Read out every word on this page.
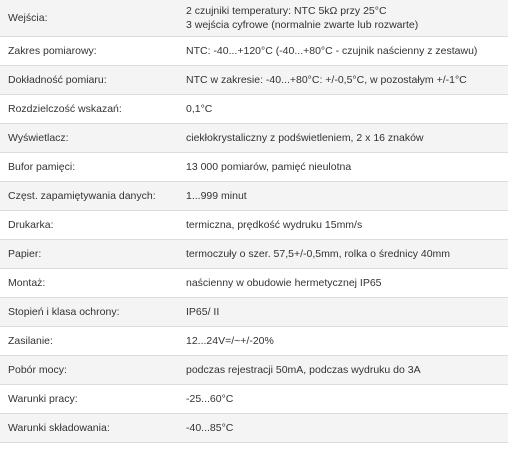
Wejścia:	2 czujniki temperatury: NTC 5kΩ przy 25°C
3 wejścia cyfrowe (normalnie zwarte lub rozwarte)

Zakres pomiarowy:	NTC: -40...+120°C (-40...+80°C - czujnik naścienny z zestawu)

Dokładność pomiaru:	NTC w zakresie: -40...+80°C: +/-0,5°C, w pozostałym +/-1°C

Rozdzielczość wskazań:	0,1°C

Wyświetlacz:	ciekłokrystaliczny z podświetleniem, 2 x 16 znaków

Bufor pamięci:	13 000 pomiarów, pamięć nieulotna

Częst. zapamiętywania danych:	1...999 minut

Drukarka:	termiczna, prędkość wydruku 15mm/s

Papier:	termoczuły o szer. 57,5+/-0,5mm, rolka o średnicy 40mm

Montaż:	naścienny w obudowie hermetycznej IP65

Stopień i klasa ochrony:	IP65/ II

Zasilanie:	12...24V=/~+/-20%

Pobór mocy:	podczas rejestracji 50mA, podczas wydruku do 3A

Warunki pracy:	-25...60°C

Warunki składowania:	-40...85°C
